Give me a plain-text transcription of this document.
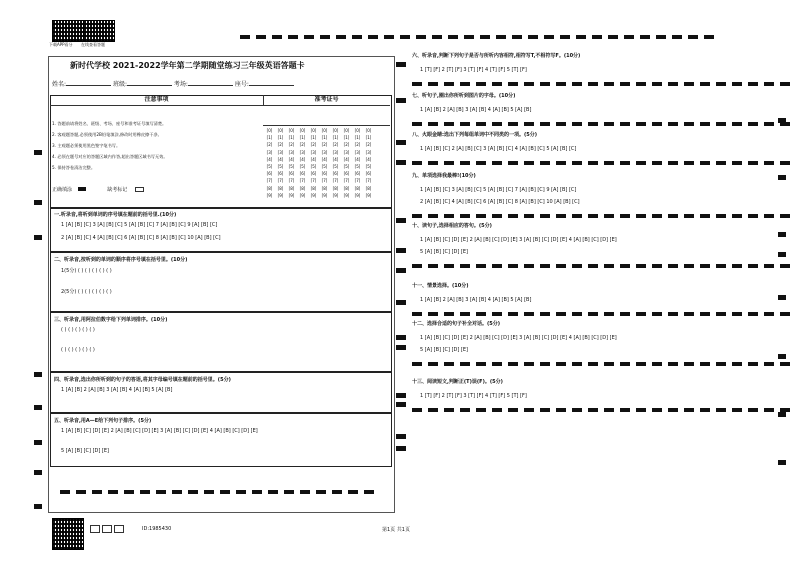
下载APP看分 在线查看答题
新时代学校 2021-2022学年第二学期随堂练习三年级英语答题卡
姓名:	班级:	考场:	座号:
注意事项	准考证号
1. 答题前请将姓名、班级、考场、座号和准考证号填写清楚。
2. 客观题答题,必须使用2B铅笔填涂,修改时用橡皮擦干净。
3. 主观题必须使用黑色签字笔书写。
4. 必须在题号对应的答题区域内作答,超出答题区域书写无效。
5. 保持答卷清洁完整。
正确填涂	缺考标记
[0] [0] [0] [0] [0] [0] [0] [0] [0] [0]
[1] [1] [1] [1] [1] [1] [1] [1] [1] [1]
[2] [2] [2] [2] [2] [2] [2] [2] [2] [2]
[3] [3] [3] [3] [3] [3] [3] [3] [3] [3]
[4] [4] [4] [4] [4] [4] [4] [4] [4] [4]
[5] [5] [5] [5] [5] [5] [5] [5] [5] [5]
[6] [6] [6] [6] [6] [6] [6] [6] [6] [6]
[7] [7] [7] [7] [7] [7] [7] [7] [7] [7]
[8] [8] [8] [8] [8] [8] [8] [8] [8] [8]
[9] [9] [9] [9] [9] [9] [9] [9] [9] [9]
一.听录音,将听到单词的序号填在题前的括号里.(10分)
1 [A] [B] [C] 3 [A] [B] [C] 5 [A] [B] [C] 7 [A] [B] [C] 9 [A] [B] [C]
2 [A] [B] [C] 4 [A] [B] [C] 6 [A] [B] [C] 8 [A] [B] [C] 10 [A] [B] [C]
二、听录音,按听到的单词的顺序将序号填在括号里。(10分)
1(5分) ( ) ( ) ( ) ( ) ( )
2(5分) ( ) ( ) ( ) ( ) ( )
三、听录音,用阿拉伯数字给下列单词排序。(10分)
( ) ( ) ( ) ( ) ( )
( ) ( ) ( ) ( ) ( )
四、听录音,选出你所听到的句子的答语,将其字母编号填在题前的括号里。(5分)
1 [A] [B] 2 [A] [B] 3 [A] [B] 4 [A] [B] 5 [A] [B]
五、听录音,用A—E给下列句子排序。(5分)
1 [A] [B] [C] [D] [E] 2 [A] [B] [C] [D] [E] 3 [A] [B] [C] [D] [E] 4 [A] [B] [C] [D] [E]
5 [A] [B] [C] [D] [E]
六、听录音,判断下列句子是否与所听内容相符,相符写T,不相符写F。(10分)
1 [T] [F] 2 [T] [F] 3 [T] [F] 4 [T] [F] 5 [T] [F]
七、听句子,圈出你所听到图片的字母。(10分)
1 [A] [B] 2 [A] [B] 3 [A] [B] 4 [A] [B] 5 [A] [B]
八、火眼金睛:选出下列每组单词中不同类的一项。(5分)
1 [A] [B] [C] 2 [A] [B] [C] 3 [A] [B] [C] 4 [A] [B] [C] 5 [A] [B] [C]
九、单项选择我最棒!(10分)
1 [A] [B] [C] 3 [A] [B] [C] 5 [A] [B] [C] 7 [A] [B] [C] 9 [A] [B] [C]
2 [A] [B] [C] 4 [A] [B] [C] 6 [A] [B] [C] 8 [A] [B] [C] 10 [A] [B] [C]
十、读句子,选择相应的答句。(5分)
1 [A] [B] [C] [D] [E] 2 [A] [B] [C] [D] [E] 3 [A] [B] [C] [D] [E] 4 [A] [B] [C] [D] [E]
5 [A] [B] [C] [D] [E]
十一、情景选择。(10分)
1 [A] [B] 2 [A] [B] 3 [A] [B] 4 [A] [B] 5 [A] [B]
十二、选择合适的句子补全对话。(5分)
1 [A] [B] [C] [D] [E] 2 [A] [B] [C] [D] [E] 3 [A] [B] [C] [D] [E] 4 [A] [B] [C] [D] [E]
5 [A] [B] [C] [D] [E]
十三、阅读短文,判断正(T)误(F)。(5分)
1 [T] [F] 2 [T] [F] 3 [T] [F] 4 [T] [F] 5 [T] [F]
ID:1985430	第1页 共1页
